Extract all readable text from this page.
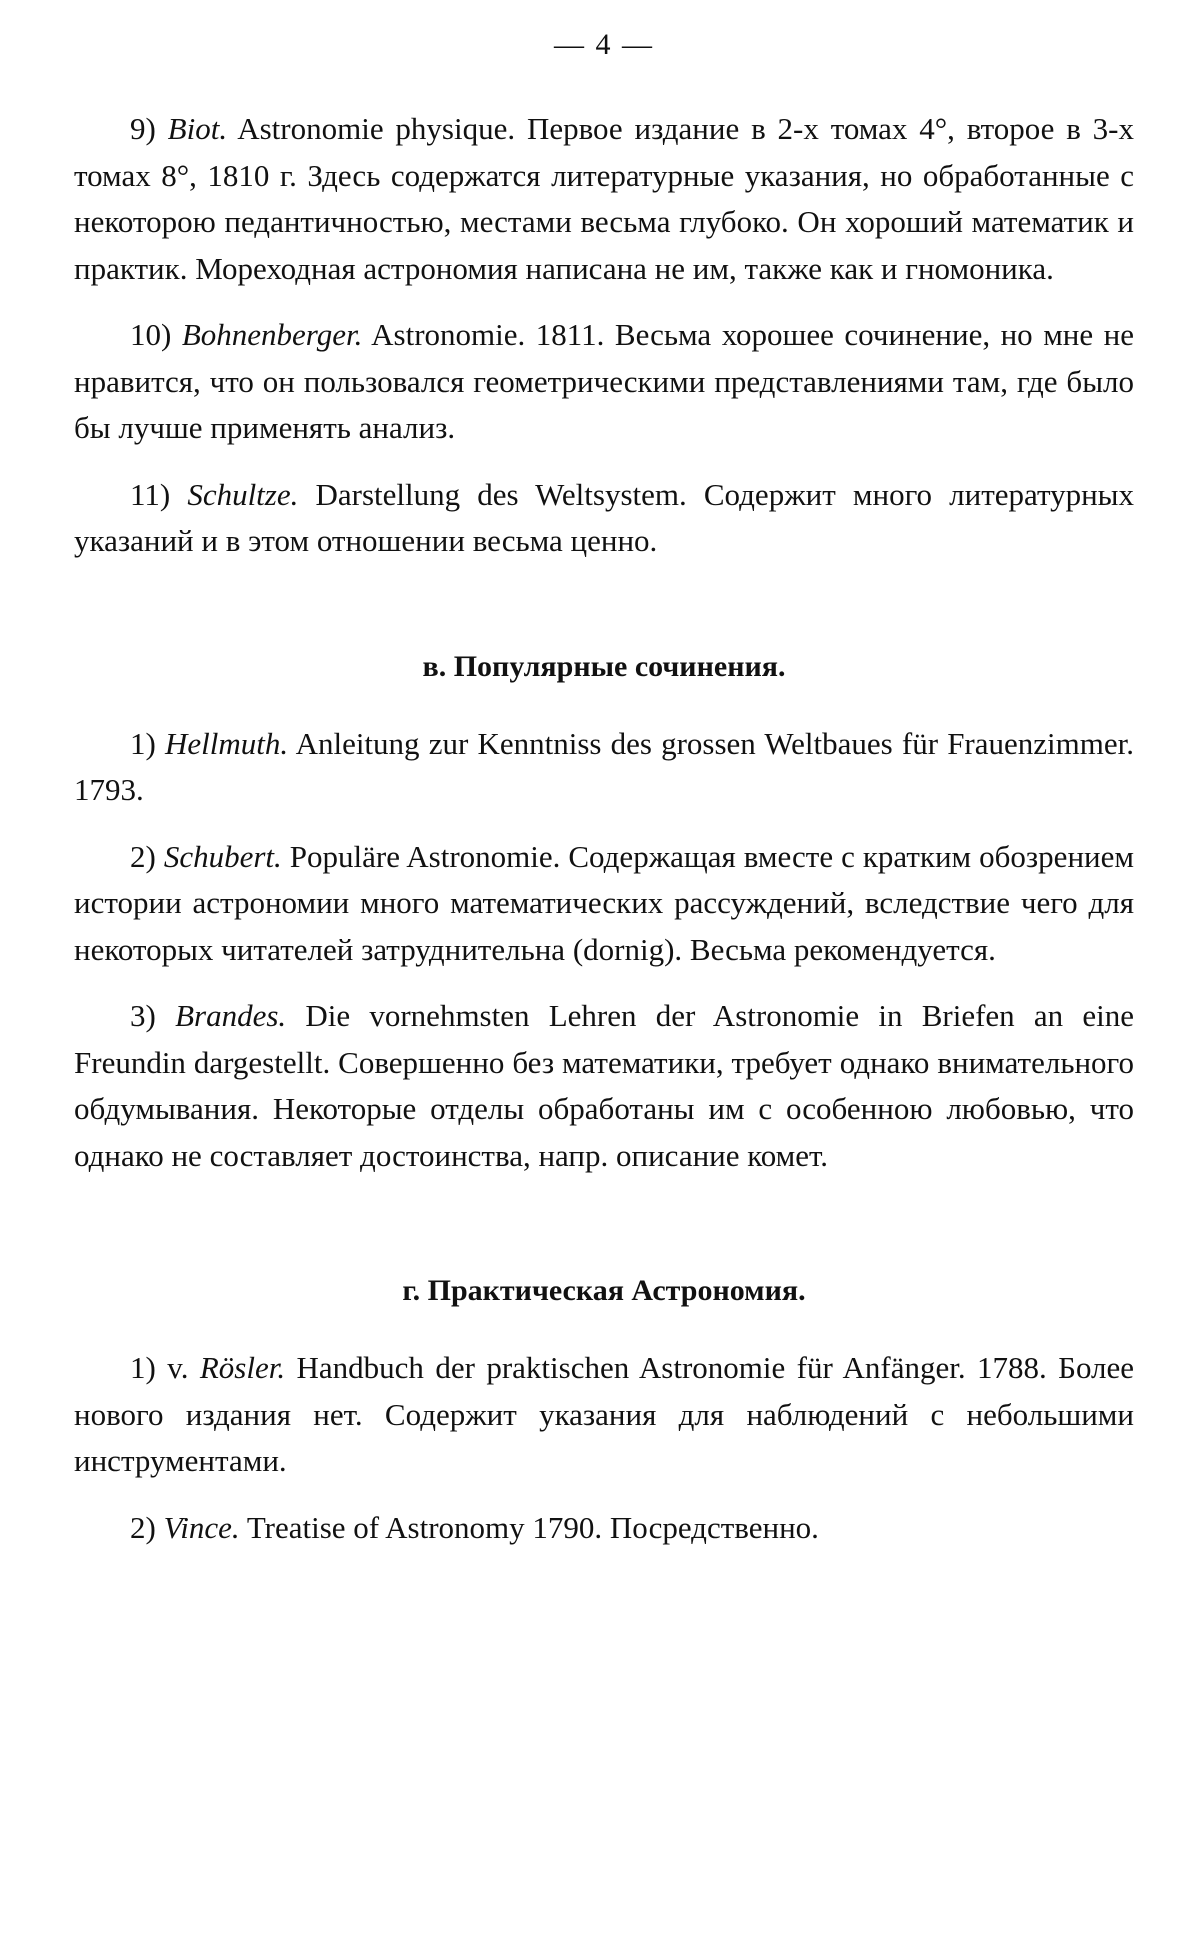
— 4 —

9) Biot. Astronomie physique. Первое издание в 2-х томах 4°, второе в 3-х томах 8°, 1810 г. Здесь содержатся литературные указания, но обработанные с некоторою педантичностью, местами весьма глубоко. Он хороший математик и практик. Мореходная астрономия написана не им, также как и гномоника.

10) Bohnenberger. Astronomie. 1811. Весьма хорошее сочинение, но мне не нравится, что он пользовался геометрическими представлениями там, где было бы лучше применять анализ.

11) Schultze. Darstellung des Weltsystem. Содержит много литературных указаний и в этом отношении весьма ценно.

в. Популярные сочинения.

1) Hellmuth. Anleitung zur Kenntniss des grossen Weltbaues für Frauenzimmer. 1793.

2) Schubert. Populäre Astronomie. Содержащая вместе с кратким обозрением истории астрономии много математических рассуждений, вследствие чего для некоторых читателей затруднительна (dornig). Весьма рекомендуется.

3) Brandes. Die vornehmsten Lehren der Astronomie in Briefen an eine Freundin dargestellt. Совершенно без математики, требует однако внимательного обдумывания. Некоторые отделы обработаны им с особенною любовью, что однако не составляет достоинства, напр. описание комет.

г. Практическая Астрономия.

1) v. Rösler. Handbuch der praktischen Astronomie für Anfänger. 1788. Более нового издания нет. Содержит указания для наблюдений с небольшими инструментами.

2) Vince. Treatise of Astronomy 1790. Посредственно.
